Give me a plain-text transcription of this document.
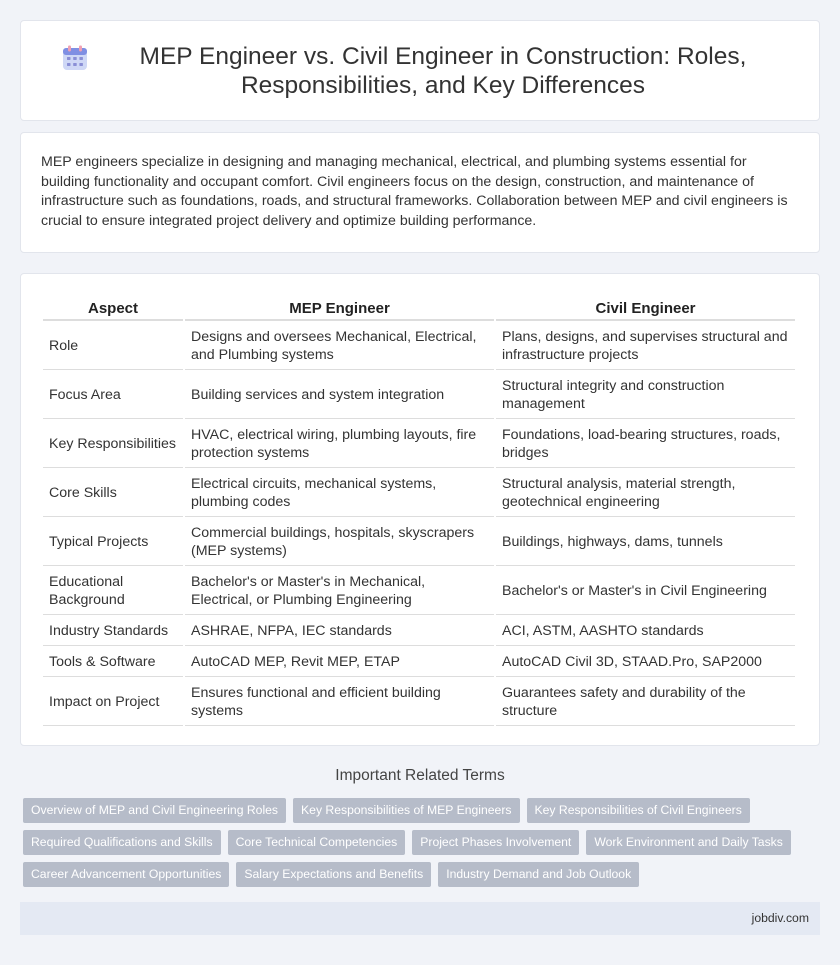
MEP Engineer vs. Civil Engineer in Construction: Roles, Responsibilities, and Key Differences

MEP engineers specialize in designing and managing mechanical, electrical, and plumbing systems essential for building functionality and occupant comfort. Civil engineers focus on the design, construction, and maintenance of infrastructure such as foundations, roads, and structural frameworks. Collaboration between MEP and civil engineers is crucial to ensure integrated project delivery and optimize building performance.

Aspect	MEP Engineer	Civil Engineer
Role	Designs and oversees Mechanical, Electrical, and Plumbing systems	Plans, designs, and supervises structural and infrastructure projects
Focus Area	Building services and system integration	Structural integrity and construction management
Key Responsibilities	HVAC, electrical wiring, plumbing layouts, fire protection systems	Foundations, load-bearing structures, roads, bridges
Core Skills	Electrical circuits, mechanical systems, plumbing codes	Structural analysis, material strength, geotechnical engineering
Typical Projects	Commercial buildings, hospitals, skyscrapers (MEP systems)	Buildings, highways, dams, tunnels
Educational Background	Bachelor's or Master's in Mechanical, Electrical, or Plumbing Engineering	Bachelor's or Master's in Civil Engineering
Industry Standards	ASHRAE, NFPA, IEC standards	ACI, ASTM, AASHTO standards
Tools & Software	AutoCAD MEP, Revit MEP, ETAP	AutoCAD Civil 3D, STAAD.Pro, SAP2000
Impact on Project	Ensures functional and efficient building systems	Guarantees safety and durability of the structure
Important Related Terms
Overview of MEP and Civil Engineering Roles	Key Responsibilities of MEP Engineers	Key Responsibilities of Civil Engineers
Required Qualifications and Skills	Core Technical Competencies	Project Phases Involvement	Work Environment and Daily Tasks
Career Advancement Opportunities	Salary Expectations and Benefits	Industry Demand and Job Outlook
jobdiv.com
